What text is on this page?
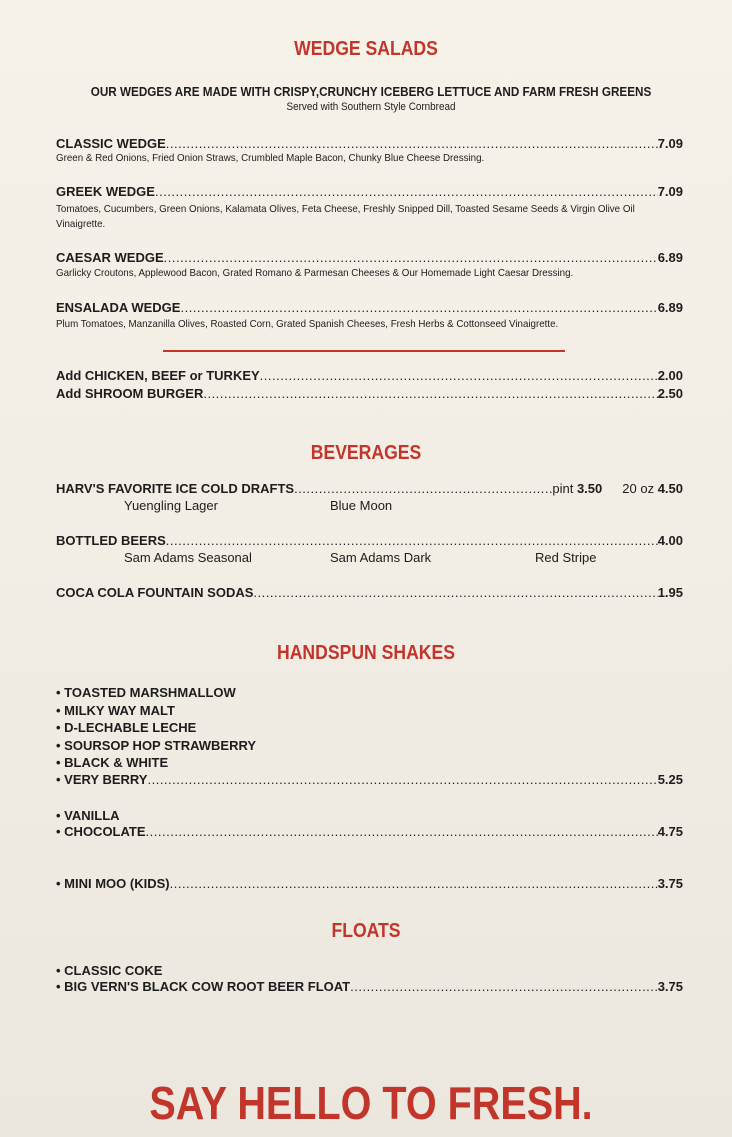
WEDGE SALADS
OUR WEDGES ARE MADE WITH CRISPY,CRUNCHY ICEBERG LETTUCE AND FARM FRESH GREENS
Served with Southern Style Cornbread
CLASSIC WEDGE .....	7.09
Green & Red Onions, Fried Onion Straws, Crumbled Maple Bacon, Chunky Blue Cheese Dressing.
GREEK WEDGE .....	7.09
Tomatoes, Cucumbers, Green Onions, Kalamata Olives, Feta Cheese, Freshly Snipped Dill, Toasted Sesame Seeds & Virgin Olive Oil Vinaigrette.
CAESAR WEDGE .....	6.89
Garlicky Croutons, Applewood Bacon, Grated Romano & Parmesan Cheeses & Our Homemade Light Caesar Dressing.
ENSALADA WEDGE .....	6.89
Plum Tomatoes, Manzanilla Olives, Roasted Corn, Grated Spanish Cheeses, Fresh Herbs & Cottonseed Vinaigrette.
Add CHICKEN, BEEF or TURKEY .....	2.00
Add SHROOM BURGER .....	2.50
BEVERAGES
HARV'S FAVORITE ICE COLD DRAFTS .....	pint 3.50 20 oz 4.50
Yuengling Lager	Blue Moon
BOTTLED BEERS .....	4.00
Sam Adams Seasonal	Sam Adams Dark	Red Stripe
COCA COLA FOUNTAIN SODAS .....	1.95
HANDSPUN SHAKES
• TOASTED MARSHMALLOW
• MILKY WAY MALT
• D-LECHABLE LECHE
• SOURSOP HOP STRAWBERRY
• BLACK & WHITE
• VERY BERRY .....	5.25
• VANILLA
• CHOCOLATE .....	4.75
• MINI MOO (KIDS) .....	3.75
FLOATS
• CLASSIC COKE
• BIG VERN'S BLACK COW ROOT BEER FLOAT .....	3.75
SAY HELLO TO FRESH.
